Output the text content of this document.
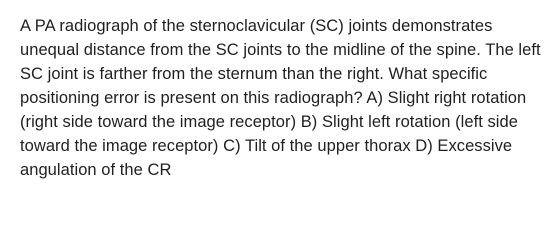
A PA radiograph of the sternoclavicular (SC) joints demonstrates unequal distance from the SC joints to the midline of the spine. The left SC joint is farther from the sternum than the right. What specific positioning error is present on this radiograph? A) Slight right rotation (right side toward the image receptor) B) Slight left rotation (left side toward the image receptor) C) Tilt of the upper thorax D) Excessive angulation of the CR
